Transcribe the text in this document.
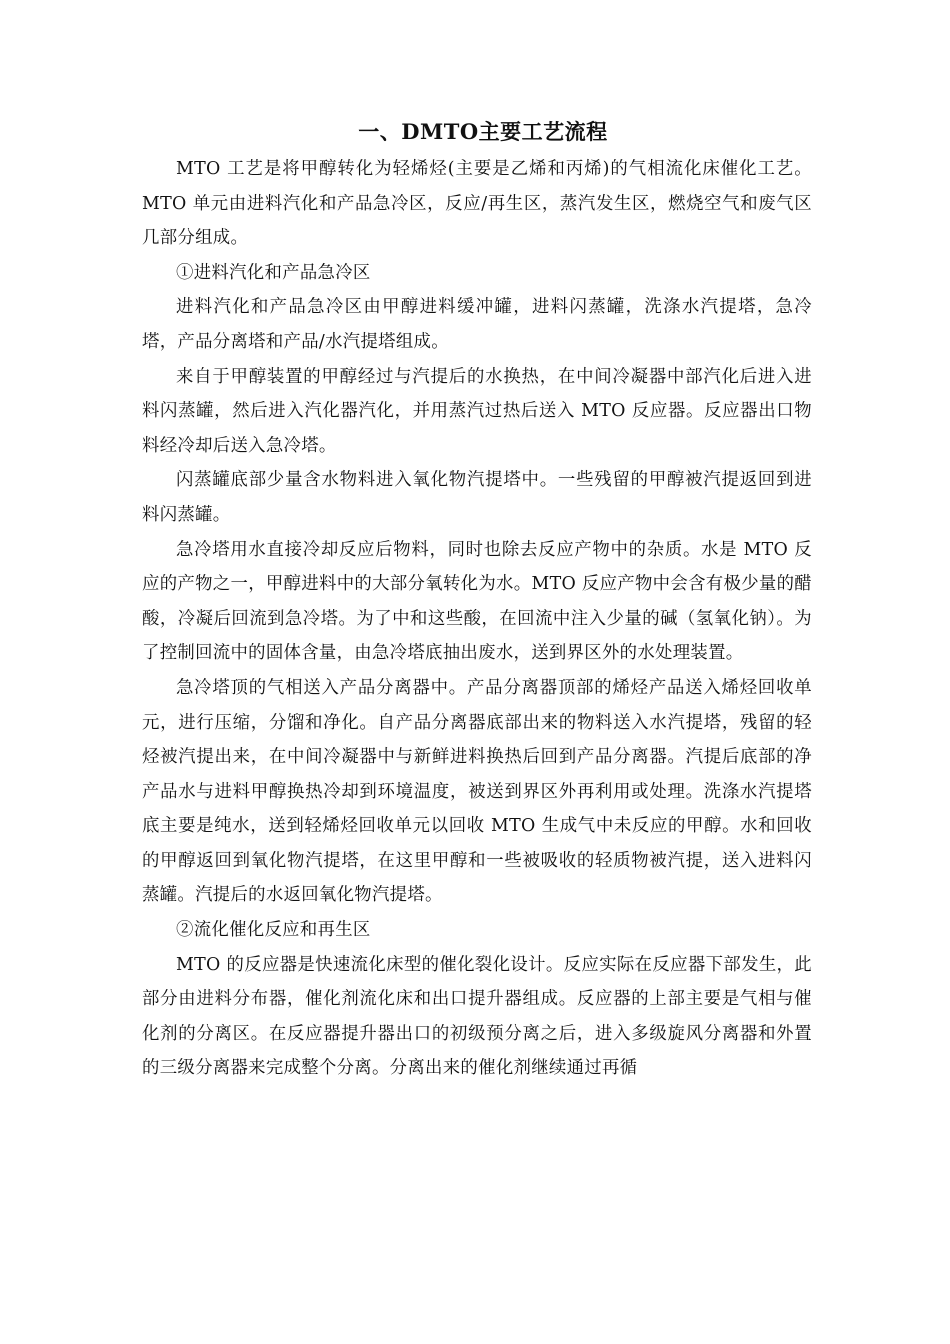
一、DMTO主要工艺流程

MTO 工艺是将甲醇转化为轻烯烃(主要是乙烯和丙烯)的气相流化床催化工艺。MTO 单元由进料汽化和产品急冷区，反应/再生区，蒸汽发生区，燃烧空气和废气区几部分组成。

①进料汽化和产品急冷区

进料汽化和产品急冷区由甲醇进料缓冲罐，进料闪蒸罐，洗涤水汽提塔，急冷塔，产品分离塔和产品/水汽提塔组成。

来自于甲醇装置的甲醇经过与汽提后的水换热，在中间冷凝器中部汽化后进入进料闪蒸罐，然后进入汽化器汽化，并用蒸汽过热后送入 MTO 反应器。反应器出口物料经冷却后送入急冷塔。

闪蒸罐底部少量含水物料进入氧化物汽提塔中。一些残留的甲醇被汽提返回到进料闪蒸罐。

急冷塔用水直接冷却反应后物料，同时也除去反应产物中的杂质。水是 MTO 反应的产物之一，甲醇进料中的大部分氧转化为水。MTO 反应产物中会含有极少量的醋酸，冷凝后回流到急冷塔。为了中和这些酸，在回流中注入少量的碱（氢氧化钠）。为了控制回流中的固体含量，由急冷塔底抽出废水，送到界区外的水处理装置。

急冷塔顶的气相送入产品分离器中。产品分离器顶部的烯烃产品送入烯烃回收单元，进行压缩，分馏和净化。自产品分离器底部出来的物料送入水汽提塔，残留的轻烃被汽提出来，在中间冷凝器中与新鲜进料换热后回到产品分离器。汽提后底部的净产品水与进料甲醇换热冷却到环境温度，被送到界区外再利用或处理。洗涤水汽提塔底主要是纯水，送到轻烯烃回收单元以回收 MTO 生成气中未反应的甲醇。水和回收的甲醇返回到氧化物汽提塔，在这里甲醇和一些被吸收的轻质物被汽提，送入进料闪蒸罐。汽提后的水返回氧化物汽提塔。

②流化催化反应和再生区

MTO 的反应器是快速流化床型的催化裂化设计。反应实际在反应器下部发生，此部分由进料分布器，催化剂流化床和出口提升器组成。反应器的上部主要是气相与催化剂的分离区。在反应器提升器出口的初级预分离之后，进入多级旋风分离器和外置的三级分离器来完成整个分离。分离出来的催化剂继续通过再循
